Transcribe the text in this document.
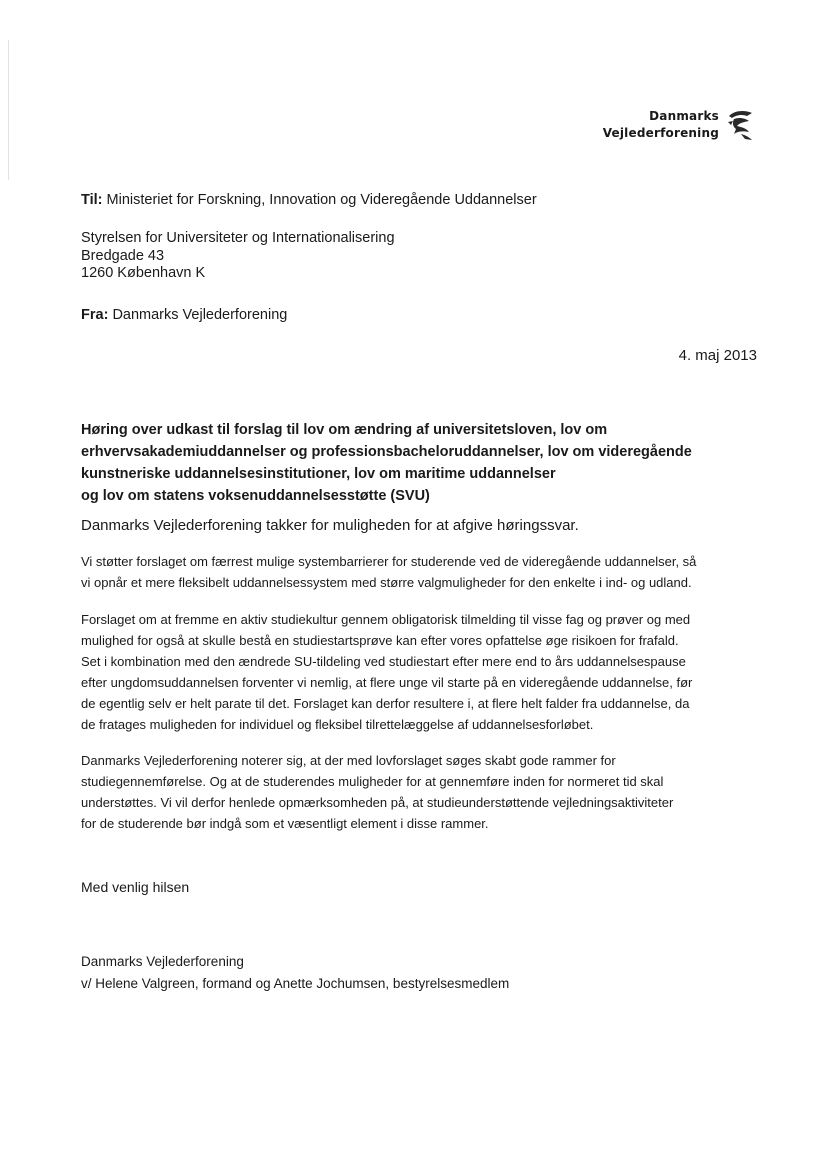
Danmarks
Vejlederforening
Til: Ministeriet for Forskning, Innovation og Videregående Uddannelser
Styrelsen for Universiteter og Internationalisering
Bredgade 43
1260 København K
Fra: Danmarks Vejlederforening
4. maj 2013
Høring over udkast til forslag til lov om ændring af universitetsloven, lov om
erhvervsakademiuddannelser og professionsbacheloruddannelser, lov om videregående
kunstneriske uddannelsesinstitutioner, lov om maritime uddannelser
og lov om statens voksenuddannelsesstøtte (SVU)
Danmarks Vejlederforening takker for muligheden for at afgive høringssvar.
Vi støtter forslaget om færrest mulige systembarrierer for studerende ved de videregående uddannelser, så
vi opnår et mere fleksibelt uddannelsessystem med større valgmuligheder for den enkelte i ind- og udland.
Forslaget om at fremme en aktiv studiekultur gennem obligatorisk tilmelding til visse fag og prøver og med
mulighed for også at skulle bestå en studiestartsprøve kan efter vores opfattelse øge risikoen for frafald.
Set i kombination med den ændrede SU-tildeling ved studiestart efter mere end to års uddannelsespause
efter ungdomsuddannelsen forventer vi nemlig, at flere unge vil starte på en videregående uddannelse, før
de egentlig selv er helt parate til det. Forslaget kan derfor resultere i, at flere helt falder fra uddannelse, da
de fratages muligheden for individuel og fleksibel tilrettelæggelse af uddannelsesforløbet.
Danmarks Vejlederforening noterer sig, at der med lovforslaget søges skabt gode rammer for
studiegennemførelse. Og at de studerendes muligheder for at gennemføre inden for normeret tid skal
understøttes. Vi vil derfor henlede opmærksomheden på, at studieunderstøttende vejledningsaktiviteter
for de studerende bør indgå som et væsentligt element i disse rammer.
Med venlig hilsen
Danmarks Vejlederforening
v/ Helene Valgreen, formand og Anette Jochumsen, bestyrelsesmedlem
